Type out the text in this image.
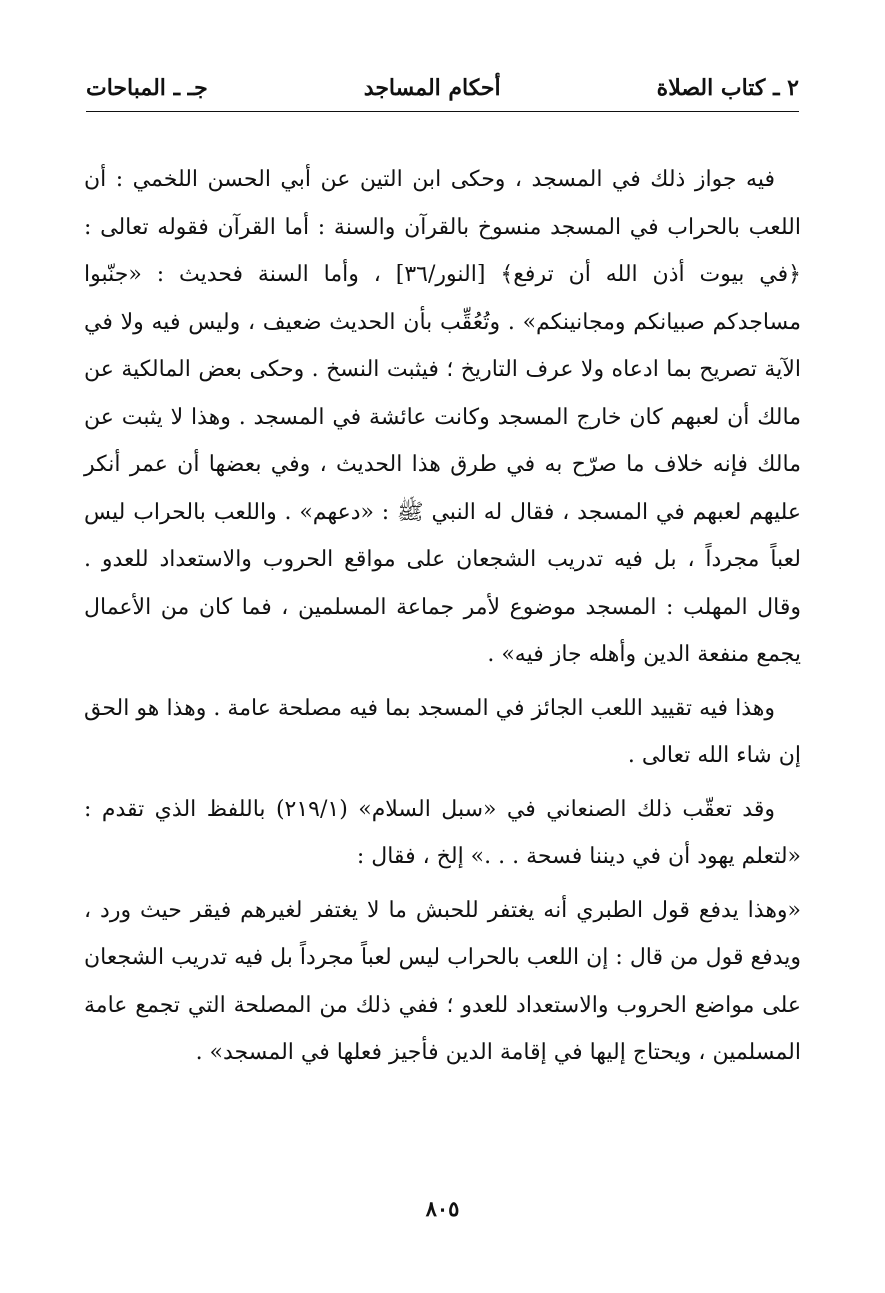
٢ ـ كتاب الصلاة
أحكام المساجد
جـ ـ المباحات

فيه جواز ذلك في المسجد ، وحكى ابن التين عن أبي الحسن اللخمي : أن اللعب بالحراب في المسجد منسوخ بالقرآن والسنة : أما القرآن فقوله تعالى : ﴿في بيوت أذن الله أن ترفع﴾ [النور/٣٦] ، وأما السنة فحديث : «جنّبوا مساجدكم صبيانكم ومجانينكم» . وتُعُقِّب بأن الحديث ضعيف ، وليس فيه ولا في الآية تصريح بما ادعاه ولا عرف التاريخ ؛ فيثبت النسخ . وحكى بعض المالكية عن مالك أن لعبهم كان خارج المسجد وكانت عائشة في المسجد . وهذا لا يثبت عن مالك فإنه خلاف ما صرّح به في طرق هذا الحديث ، وفي بعضها أن عمر أنكر عليهم لعبهم في المسجد ، فقال له النبي ﷺ : «دعهم» . واللعب بالحراب ليس لعباً مجرداً ، بل فيه تدريب الشجعان على مواقع الحروب والاستعداد للعدو . وقال المهلب : المسجد موضوع لأمر جماعة المسلمين ، فما كان من الأعمال يجمع منفعة الدين وأهله جاز فيه» .

وهذا فيه تقييد اللعب الجائز في المسجد بما فيه مصلحة عامة . وهذا هو الحق إن شاء الله تعالى .

وقد تعقّب ذلك الصنعاني في «سبل السلام» (٢١٩/١) باللفظ الذي تقدم : «لتعلم يهود أن في ديننا فسحة . . .» إلخ ، فقال :

«وهذا يدفع قول الطبري أنه يغتفر للحبش ما لا يغتفر لغيرهم فيقر حيث ورد ، ويدفع قول من قال : إن اللعب بالحراب ليس لعباً مجرداً بل فيه تدريب الشجعان على مواضع الحروب والاستعداد للعدو ؛ ففي ذلك من المصلحة التي تجمع عامة المسلمين ، ويحتاج إليها في إقامة الدين فأجيز فعلها في المسجد» .

٨٠٥
